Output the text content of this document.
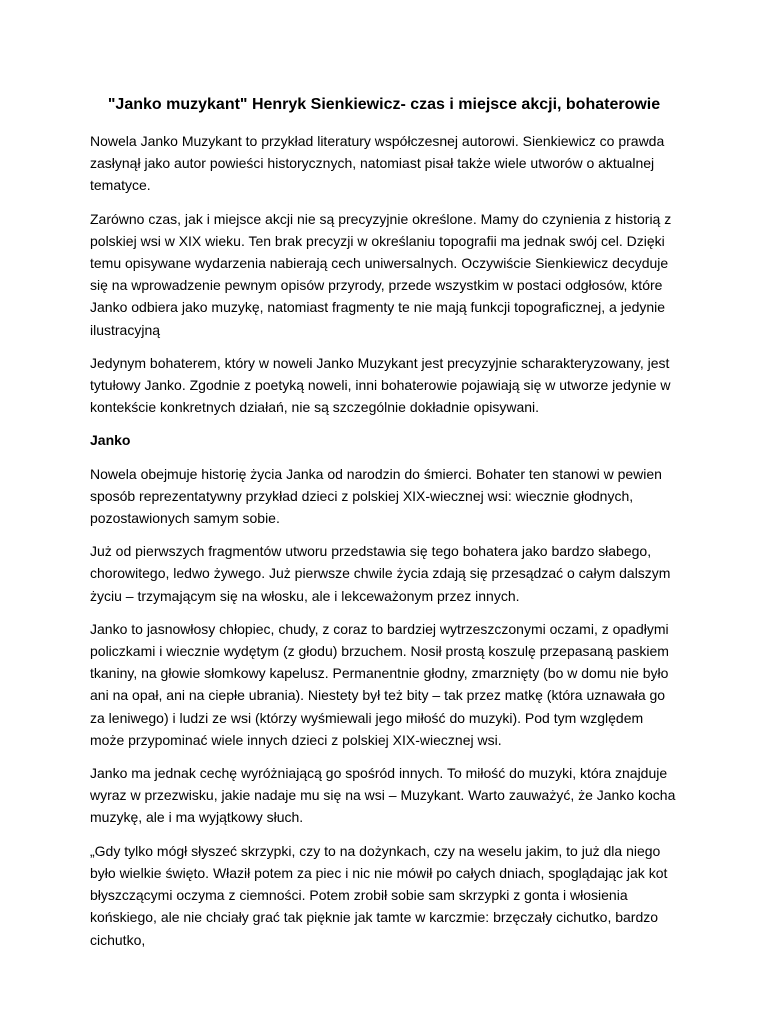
"Janko muzykant" Henryk Sienkiewicz- czas i miejsce akcji, bohaterowie

Nowela Janko Muzykant to przykład literatury współczesnej autorowi. Sienkiewicz co prawda zasłynął jako autor powieści historycznych, natomiast pisał także wiele utworów o aktualnej tematyce.

Zarówno czas, jak i miejsce akcji nie są precyzyjnie określone. Mamy do czynienia z historią z polskiej wsi w XIX wieku. Ten brak precyzji w określaniu topografii ma jednak swój cel. Dzięki temu opisywane wydarzenia nabierają cech uniwersalnych. Oczywiście Sienkiewicz decyduje się na wprowadzenie pewnym opisów przyrody, przede wszystkim w postaci odgłosów, które Janko odbiera jako muzykę, natomiast fragmenty te nie mają funkcji topograficznej, a jedynie ilustracyjną

Jedynym bohaterem, który w noweli Janko Muzykant jest precyzyjnie scharakteryzowany, jest tytułowy Janko. Zgodnie z poetyką noweli, inni bohaterowie pojawiają się w utworze jedynie w kontekście konkretnych działań, nie są szczególnie dokładnie opisywani.

Janko

Nowela obejmuje historię życia Janka od narodzin do śmierci. Bohater ten stanowi w pewien sposób reprezentatywny przykład dzieci z polskiej XIX-wiecznej wsi: wiecznie głodnych, pozostawionych samym sobie.

Już od pierwszych fragmentów utworu przedstawia się tego bohatera jako bardzo słabego, chorowitego, ledwo żywego. Już pierwsze chwile życia zdają się przesądzać o całym dalszym życiu – trzymającym się na włosku, ale i lekceważonym przez innych.

Janko to jasnowłosy chłopiec, chudy, z coraz to bardziej wytrzeszczonymi oczami, z opadłymi policzkami i wiecznie wydętym (z głodu) brzuchem. Nosił prostą koszulę przepasaną paskiem tkaniny, na głowie słomkowy kapelusz. Permanentnie głodny, zmarznięty (bo w domu nie było ani na opał, ani na ciepłe ubrania). Niestety był też bity – tak przez matkę (która uznawała go za leniwego) i ludzi ze wsi (którzy wyśmiewali jego miłość do muzyki). Pod tym względem może przypominać wiele innych dzieci z polskiej XIX-wiecznej wsi.

Janko ma jednak cechę wyróżniającą go spośród innych. To miłość do muzyki, która znajduje wyraz w przezwisku, jakie nadaje mu się na wsi – Muzykant. Warto zauważyć, że Janko kocha muzykę, ale i ma wyjątkowy słuch.

„Gdy tylko mógł słyszeć skrzypki, czy to na dożynkach, czy na weselu jakim, to już dla niego było wielkie święto. Właził potem za piec i nic nie mówił po całych dniach, spoglądając jak kot błyszczącymi oczyma z ciemności. Potem zrobił sobie sam skrzypki z gonta i włosienia końskiego, ale nie chciały grać tak pięknie jak tamte w karczmie: brzęczały cichutko, bardzo cichutko,
